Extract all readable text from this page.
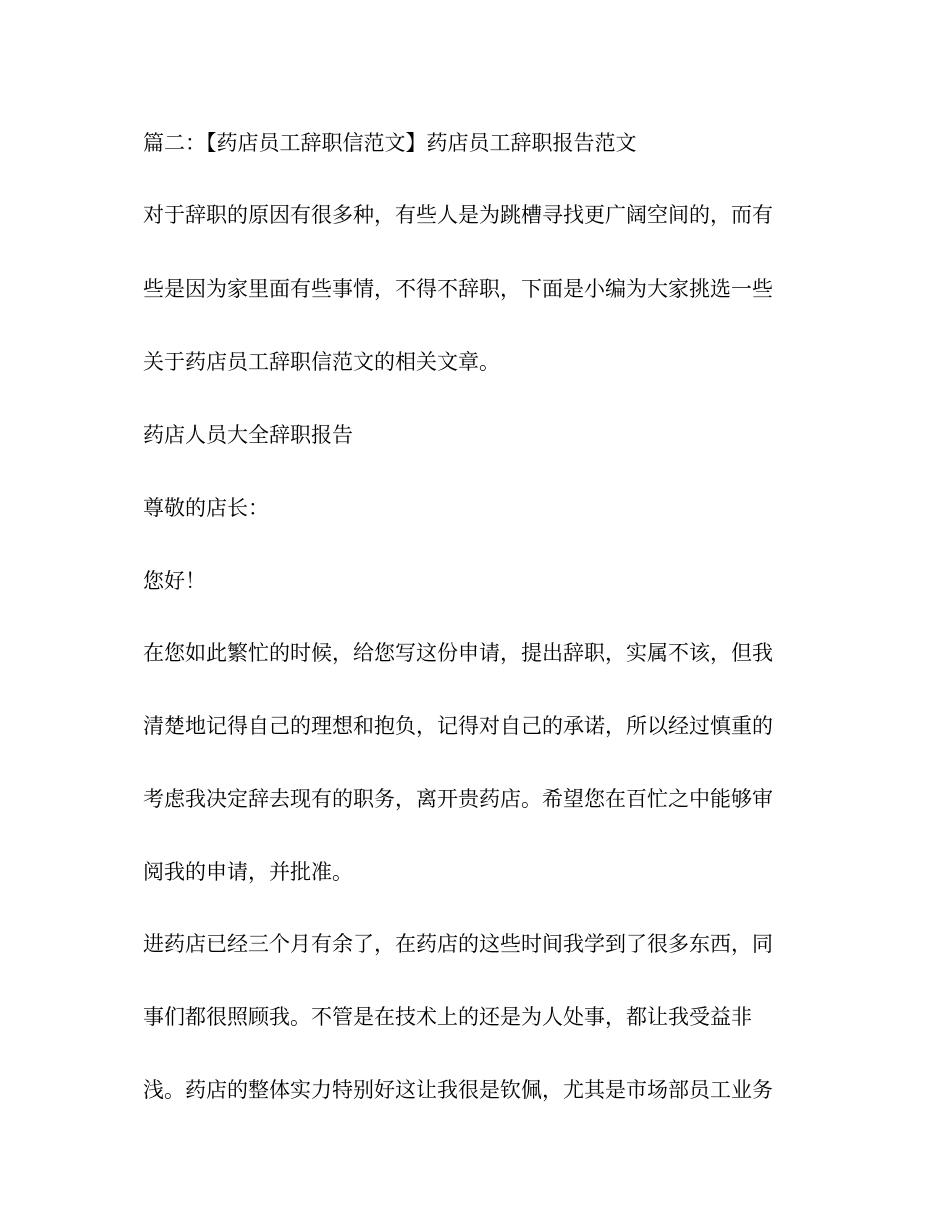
篇二：【药店员工辞职信范文】药店员工辞职报告范文
对于辞职的原因有很多种，有些人是为跳槽寻找更广阔空间的，而有
些是因为家里面有些事情，不得不辞职，下面是小编为大家挑选一些
关于药店员工辞职信范文的相关文章。
药店人员大全辞职报告
尊敬的店长：
您好！
在您如此繁忙的时候，给您写这份申请，提出辞职，实属不该，但我
清楚地记得自己的理想和抱负，记得对自己的承诺，所以经过慎重的
考虑我决定辞去现有的职务，离开贵药店。希望您在百忙之中能够审
阅我的申请，并批准。
进药店已经三个月有余了，在药店的这些时间我学到了很多东西，同
事们都很照顾我。不管是在技术上的还是为人处事，都让我受益非
浅。药店的整体实力特别好这让我很是钦佩，尤其是市场部员工业务
